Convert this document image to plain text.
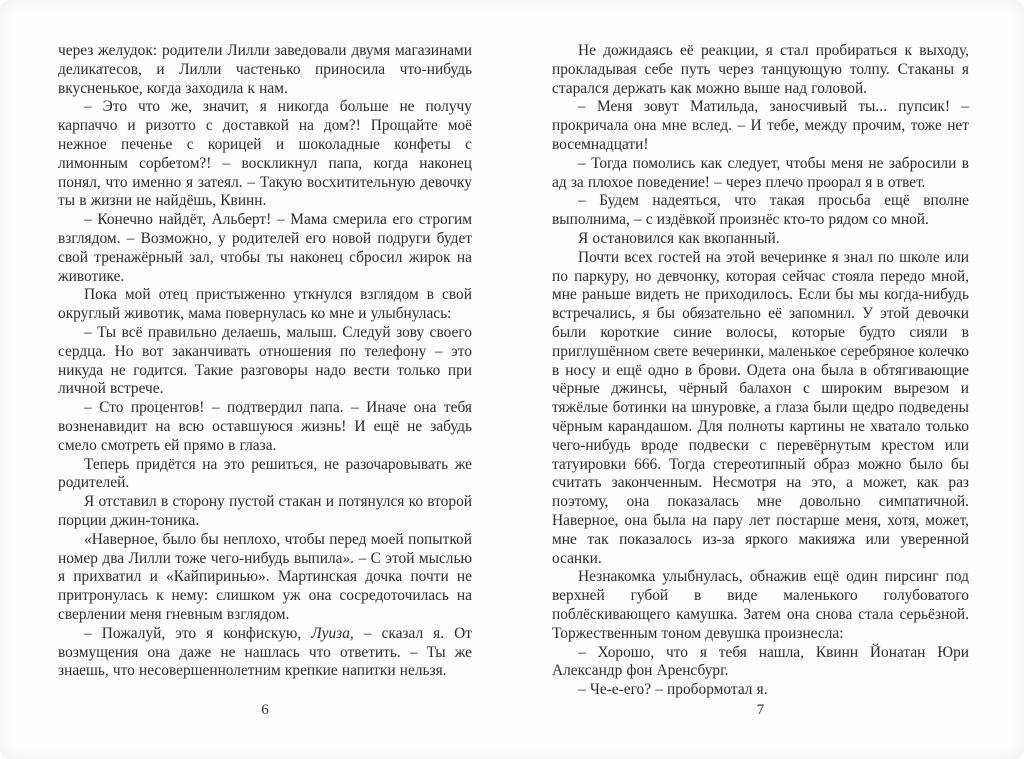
через желудок: родители Лилли заведовали двумя магазинами деликатесов, и Лилли частенько приносила что-нибудь вкусненькое, когда заходила к нам.

– Это что же, значит, я никогда больше не получу карпаччо и ризотто с доставкой на дом?! Прощайте моё нежное печенье с корицей и шоколадные конфеты с лимонным сорбетом?! – воскликнул папа, когда наконец понял, что именно я затеял. – Такую восхитительную девочку ты в жизни не найдёшь, Квинн.

– Конечно найдёт, Альберт! – Мама смерила его строгим взглядом. – Возможно, у родителей его новой подруги будет свой тренажёрный зал, чтобы ты наконец сбросил жирок на животике.

Пока мой отец пристыженно уткнулся взглядом в свой округлый животик, мама повернулась ко мне и улыбнулась:

– Ты всё правильно делаешь, малыш. Следуй зову своего сердца. Но вот заканчивать отношения по телефону – это никуда не годится. Такие разговоры надо вести только при личной встрече.

– Сто процентов! – подтвердил папа. – Иначе она тебя возненавидит на всю оставшуюся жизнь! И ещё не забудь смело смотреть ей прямо в глаза.

Теперь придётся на это решиться, не разочаровывать же родителей.

Я отставил в сторону пустой стакан и потянулся ко второй порции джин-тоника.

«Наверное, было бы неплохо, чтобы перед моей попыткой номер два Лилли тоже чего-нибудь выпила». – С этой мыслью я прихватил и «Кайпиринью». Мартинская дочка почти не притронулась к нему: слишком уж она сосредоточилась на сверлении меня гневным взглядом.

– Пожалуй, это я конфискую, Луиза, – сказал я. От возмущения она даже не нашлась что ответить. – Ты же знаешь, что несовершеннолетним крепкие напитки нельзя.

6

Не дожидаясь её реакции, я стал пробираться к выходу, прокладывая себе путь через танцующую толпу. Стаканы я старался держать как можно выше над головой.

– Меня зовут Матильда, заносчивый ты... пупсик! – прокричала она мне вслед. – И тебе, между прочим, тоже нет восемнадцати!

– Тогда помолись как следует, чтобы меня не забросили в ад за плохое поведение! – через плечо проорал я в ответ.

– Будем надеяться, что такая просьба ещё вполне выполнима, – с издёвкой произнёс кто-то рядом со мной.

Я остановился как вкопанный.

Почти всех гостей на этой вечеринке я знал по школе или по паркуру, но девчонку, которая сейчас стояла передо мной, мне раньше видеть не приходилось. Если бы мы когда-нибудь встречались, я бы обязательно её запомнил. У этой девочки были короткие синие волосы, которые будто сияли в приглушённом свете вечеринки, маленькое серебряное колечко в носу и ещё одно в брови. Одета она была в обтягивающие чёрные джинсы, чёрный балахон с широким вырезом и тяжёлые ботинки на шнуровке, а глаза были щедро подведены чёрным карандашом. Для полноты картины не хватало только чего-нибудь вроде подвески с перевёрнутым крестом или татуировки 666. Тогда стереотипный образ можно было бы считать законченным. Несмотря на это, а может, как раз поэтому, она показалась мне довольно симпатичной. Наверное, она была на пару лет постарше меня, хотя, может, мне так показалось из-за яркого макияжа или уверенной осанки.

Незнакомка улыбнулась, обнажив ещё один пирсинг под верхней губой в виде маленького голубоватого поблёскивающего камушка. Затем она снова стала серьёзной. Торжественным тоном девушка произнесла:

– Хорошо, что я тебя нашла, Квинн Йонатан Юри Александр фон Аренсбург.

– Че-е-его? – пробормотал я.

7
